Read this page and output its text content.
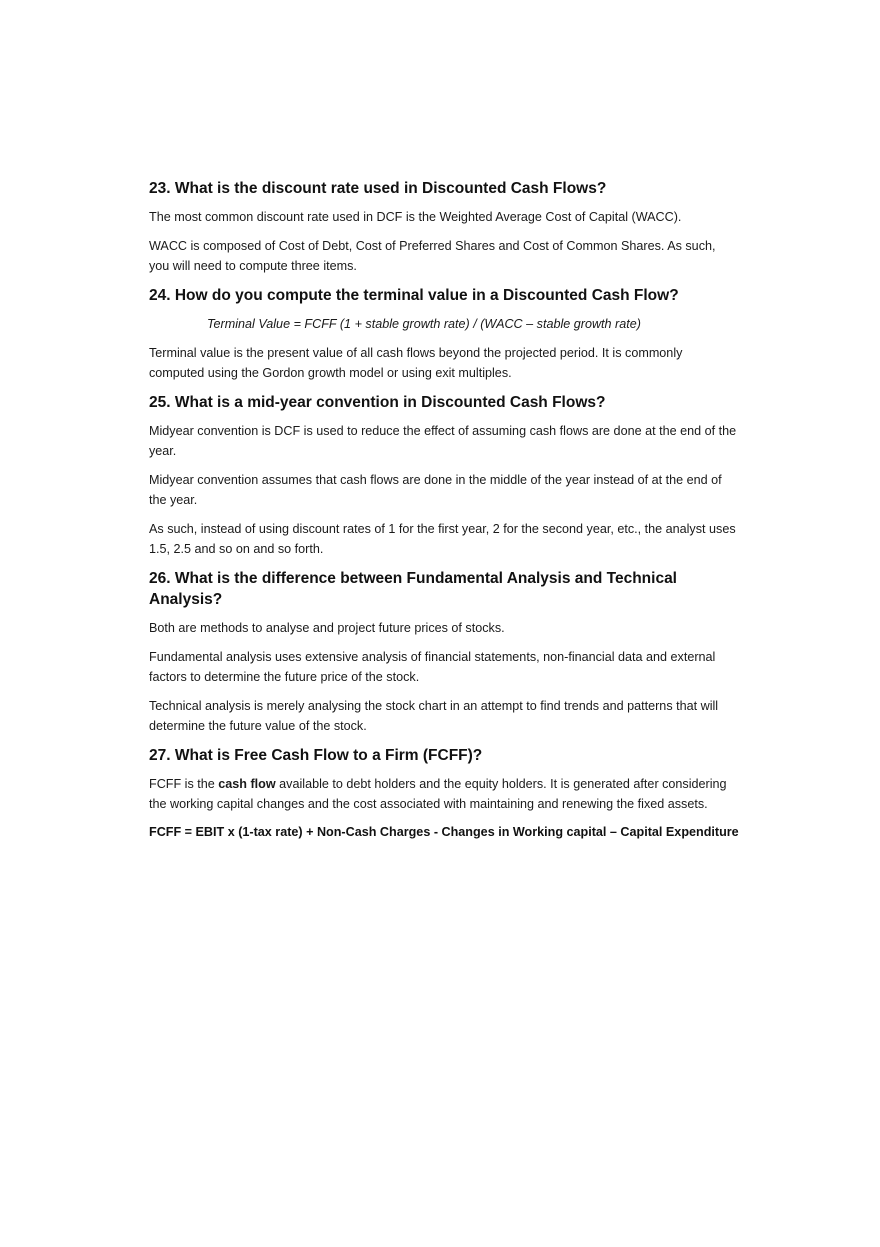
23. What is the discount rate used in Discounted Cash Flows?

The most common discount rate used in DCF is the Weighted Average Cost of Capital (WACC).

WACC is composed of Cost of Debt, Cost of Preferred Shares and Cost of Common Shares. As such, you will need to compute three items.

24. How do you compute the terminal value in a Discounted Cash Flow?

Terminal Value = FCFF (1 + stable growth rate) / (WACC – stable growth rate)

Terminal value is the present value of all cash flows beyond the projected period. It is commonly computed using the Gordon growth model or using exit multiples.

25. What is a mid-year convention in Discounted Cash Flows?

Midyear convention is DCF is used to reduce the effect of assuming cash flows are done at the end of the year.

Midyear convention assumes that cash flows are done in the middle of the year instead of at the end of the year.

As such, instead of using discount rates of 1 for the first year, 2 for the second year, etc., the analyst uses 1.5, 2.5 and so on and so forth.

26. What is the difference between Fundamental Analysis and Technical Analysis?

Both are methods to analyse and project future prices of stocks.

Fundamental analysis uses extensive analysis of financial statements, non-financial data and external factors to determine the future price of the stock.

Technical analysis is merely analysing the stock chart in an attempt to find trends and patterns that will determine the future value of the stock.

27. What is Free Cash Flow to a Firm (FCFF)?

FCFF is the cash flow available to debt holders and the equity holders. It is generated after considering the working capital changes and the cost associated with maintaining and renewing the fixed assets.

FCFF = EBIT x (1-tax rate) + Non-Cash Charges - Changes in Working capital – Capital Expenditure
